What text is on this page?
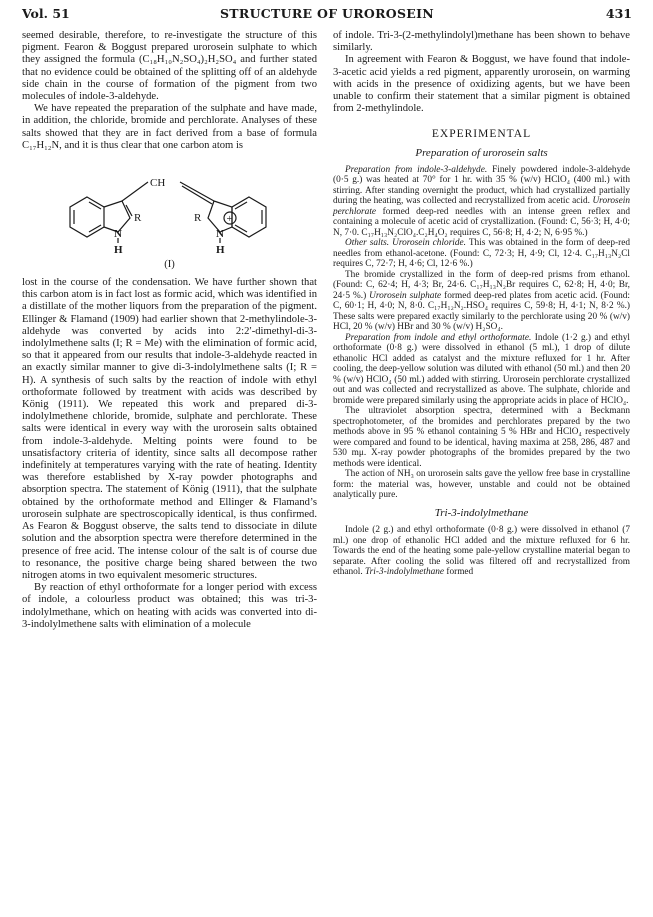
Vol. 51	STRUCTURE OF UROROSEIN	431

seemed desirable, therefore, to re-investigate the structure of this pigment. Fearon & Boggust prepared urorosein sulphate to which they assigned the formula (C₁₈H₁₀N₂SO₄)₂H₂SO₄ and further stated that no evidence could be obtained of the splitting off of an aldehyde side chain in the course of formation of the pigment from two molecules of indole-3-aldehyde.

We have repeated the preparation of the sulphate and have made, in addition, the chloride, bromide and perchlorate. Analyses of these salts showed that they are in fact derived from a base of formula C₁₇H₁₂N, and it is thus clear that one carbon atom is

CH
R	R
N
H
N
H
+
(I)

lost in the course of the condensation. We have further shown that this carbon atom is in fact lost as formic acid, which was identified in a distillate of the mother liquors from the preparation of the pigment. Ellinger & Flamand (1909) had earlier shown that 2-methylindole-3-aldehyde was converted by acids into 2:2′-dimethyl-di-3-indolylmethene salts (I; R = Me) with the elimination of formic acid, so that it appeared from our results that indole-3-aldehyde reacted in an exactly similar manner to give di-3-indolylmethene salts (I; R = H). A synthesis of such salts by the reaction of indole with ethyl orthoformate followed by treatment with acids was described by König (1911). We repeated this work and prepared di-3-indolylmethene chloride, bromide, sulphate and perchlorate. These salts were identical in every way with the urorosein salts obtained from indole-3-aldehyde. Melting points were found to be unsatisfactory criteria of identity, since salts all decompose rather indefinitely at temperatures varying with the rate of heating. Identity was therefore established by X-ray powder photographs and absorption spectra. The statement of König (1911), that the sulphate obtained by the orthoformate method and Ellinger & Flamand’s urorosein sulphate are spectroscopically identical, is thus confirmed. As Fearon & Boggust observe, the salts tend to dissociate in dilute solution and the absorption spectra were therefore determined in the presence of free acid. The intense colour of the salt is of course due to resonance, the positive charge being shared between the two nitrogen atoms in two equivalent mesomeric structures.

By reaction of ethyl orthoformate for a longer period with excess of indole, a colourless product was obtained; this was tri-3-indolylmethane, which on heating with acids was converted into di-3-indolylmethene salts with elimination of a molecule

of indole. Tri-3-(2-methylindolyl)methane has been shown to behave similarly.

In agreement with Fearon & Boggust, we have found that indole-3-acetic acid yields a red pigment, apparently urorosein, on warming with acids in the presence of oxidizing agents, but we have been unable to confirm their statement that a similar pigment is obtained from 2-methylindole.

EXPERIMENTAL
Preparation of urorosein salts

Preparation from indole-3-aldehyde. Finely powdered indole-3-aldehyde (0·5 g.) was heated at 70° for 1 hr. with 35 % (w/v) HClO₄ (400 ml.) with stirring. After standing overnight the product, which had crystallized partially during the heating, was collected and recrystallized from acetic acid. Urorosein perchlorate formed deep-red needles with an intense green reflex and containing a molecule of acetic acid of crystallization. (Found: C, 56·3; H, 4·0; N, 7·0. C₁₇H₁₃N₂ClO₄.C₂H₄O₂ requires C, 56·8; H, 4·2; N, 6·95 %.)

Other salts. Urorosein chloride. This was obtained in the form of deep-red needles from ethanol-acetone. (Found: C, 72·3; H, 4·9; Cl, 12·4. C₁₇H₁₃N₂Cl requires C, 72·7; H, 4·6; Cl, 12·6 %.)

The bromide crystallized in the form of deep-red prisms from ethanol. (Found: C, 62·4; H, 4·3; Br, 24·6. C₁₇H₁₃N₂Br requires C, 62·8; H, 4·0; Br, 24·5 %.) Urorosein sulphate formed deep-red plates from acetic acid. (Found: C, 60·1; H, 4·0; N, 8·0. C₁₇H₁₂N₂.HSO₄ requires C, 59·8; H, 4·1; N, 8·2 %.) These salts were prepared exactly similarly to the perchlorate using 20 % (w/v) HCl, 20 % (w/v) HBr and 30 % (w/v) H₂SO₄.

Preparation from indole and ethyl orthoformate. Indole (1·2 g.) and ethyl orthoformate (0·8 g.) were dissolved in ethanol (5 ml.), 1 drop of dilute ethanolic HCl added as catalyst and the mixture refluxed for 1 hr. After cooling, the deep-yellow solution was diluted with ethanol (50 ml.) and then 20 % (w/v) HClO₄ (50 ml.) added with stirring. Urorosein perchlorate crystallized out and was collected and recrystallized as above. The sulphate, chloride and bromide were prepared similarly using the appropriate acids in place of HClO₄.

The ultraviolet absorption spectra, determined with a Beckmann spectrophotometer, of the bromides and perchlorates prepared by the two methods above in 95 % ethanol containing 5 % HBr and HClO₄ respectively were compared and found to be identical, having maxima at 258, 286, 487 and 530 mμ. X-ray powder photographs of the bromides prepared by the two methods were identical.

The action of NH₃ on urorosein salts gave the yellow free base in crystalline form: the material was, however, unstable and could not be obtained analytically pure.

Tri-3-indolylmethane

Indole (2 g.) and ethyl orthoformate (0·8 g.) were dissolved in ethanol (7 ml.) one drop of ethanolic HCl added and the mixture refluxed for 6 hr. Towards the end of the heating some pale-yellow crystalline material began to separate. After cooling the solid was filtered off and recrystallized from ethanol. Tri-3-indolylmethane formed
